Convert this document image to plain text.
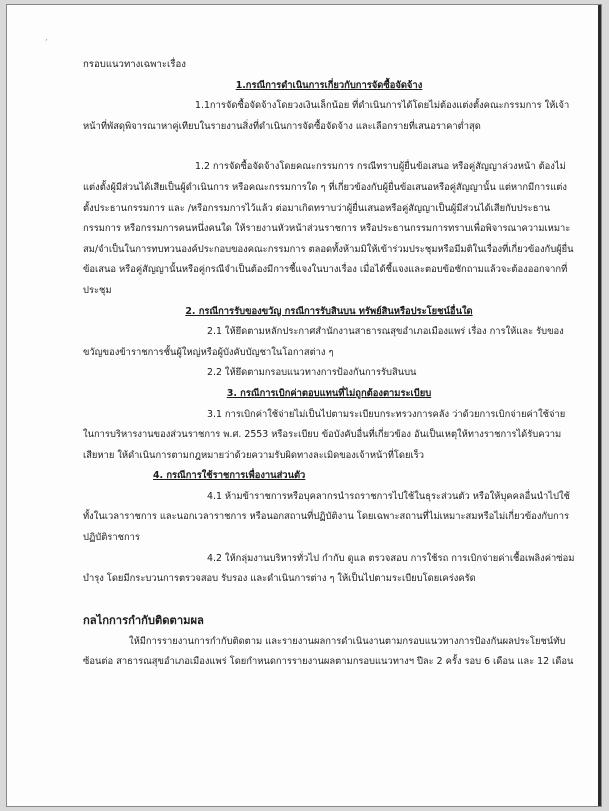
’

กรอบแนวทางเฉพาะเรื่อง

1.กรณีการดำเนินการเกี่ยวกับการจัดซื้อจัดจ้าง

1.1การจัดซื้อจัดจ้างโดยวงเงินเล็กน้อย ที่ดำเนินการได้โดยไม่ต้องแต่งตั้งคณะกรรมการ ให้เจ้าหน้าที่พัสดุพิจารณาหาคู่เทียบในรายงานสิ่งที่ดำเนินการจัดซื้อจัดจ้าง และเลือกรายที่เสนอราคาต่ำสุด

1.2 การจัดซื้อจัดจ้างโดยคณะกรรมการ กรณีทราบผู้ยื่นข้อเสนอ หรือคู่สัญญาล่วงหน้า ต้องไม่แต่งตั้งผู้มีส่วนได้เสียเป็นผู้ดำเนินการ หรือคณะกรรมการใด ๆ ที่เกี่ยวข้องกับผู้ยื่นข้อเสนอหรือคู่สัญญานั้น แต่หากมีการแต่งตั้งประธานกรรมการ และ /หรือกรรมการไว้แล้ว ต่อมาเกิดทราบว่าผู้ยื่นเสนอหรือคู่สัญญาเป็นผู้มีส่วนได้เสียกับประธานกรรมการ หรือกรรมการคนหนึ่งคนใด ให้รายงานหัวหน้าส่วนราชการ หรือประธานกรรมการทราบเพื่อพิจารณาความเหมาะสม/จำเป็นในการทบทวนองค์ประกอบของคณะกรรมการ ตลอดทั้งห้ามมิให้เข้าร่วมประชุมหรือมีมติในเรื่องที่เกี่ยวข้องกับผู้ยื่นข้อเสนอ หรือคู่สัญญานั้นหรือคู่กรณีจำเป็นต้องมีการชี้แจงในบางเรื่อง เมื่อได้ชี้แจงและตอบข้อซักถามแล้วจะต้องออกจากที่ประชุม

2. กรณีการรับของขวัญ กรณีการรับสินบน ทรัพย์สินหรือประโยชน์อื่นใด

2.1 ให้ยึดตามหลักประกาศสำนักงานสาธารณสุขอำเภอเมืองแพร่ เรื่อง การให้และ รับของขวัญของข้าราชการชั้นผู้ใหญ่หรือผู้บังคับบัญชาในโอกาสต่าง ๆ

2.2 ให้ยึดตามกรอบแนวทางการป้องกันการรับสินบน

3. กรณีการเบิกค่าตอบแทนที่ไม่ถูกต้องตามระเบียบ

3.1 การเบิกค่าใช้จ่ายไม่เป็นไปตามระเบียบกระทรวงการคลัง ว่าด้วยการเบิกจ่ายค่าใช้จ่ายในการบริหารงานของส่วนราชการ พ.ศ. 2553 หรือระเบียบ ข้อบังคับอื่นที่เกี่ยวข้อง อันเป็นเหตุให้ทางราชการได้รับความเสียหาย ให้ดำเนินการตามกฎหมายว่าด้วยความรับผิดทางละเมิดของเจ้าหน้าที่โดยเร็ว

4. กรณีการใช้ราชการเพื่องานส่วนตัว

4.1 ห้ามข้าราชการหรือบุคลากรนำรถราชการไปใช้ในธุระส่วนตัว หรือให้บุคคลอื่นนำไปใช้ทั้งในเวลาราชการ และนอกเวลาราชการ หรือนอกสถานที่ปฏิบัติงาน โดยเฉพาะสถานที่ไม่เหมาะสมหรือไม่เกี่ยวข้องกับการปฏิบัติราชการ

4.2 ให้กลุ่มงานบริหารทั่วไป กำกับ ดูแล ตรวจสอบ การใช้รถ การเบิกจ่ายค่าเชื้อเพลิงค่าซ่อมบำรุง โดยมีกระบวนการตรวจสอบ รับรอง และดำเนินการต่าง ๆ ให้เป็นไปตามระเบียบโดยเคร่งครัด

กลไกการกำกับติดตามผล

ให้มีการรายงานการกำกับติดตาม และรายงานผลการดำเนินงานตามกรอบแนวทางการป้องกันผลประโยชน์ทับซ้อนต่อ สาธารณสุขอำเภอเมืองแพร่ โดยกำหนดการรายงานผลตามกรอบแนวทางฯ ปีละ 2 ครั้ง รอบ 6 เดือน และ 12 เดือน
